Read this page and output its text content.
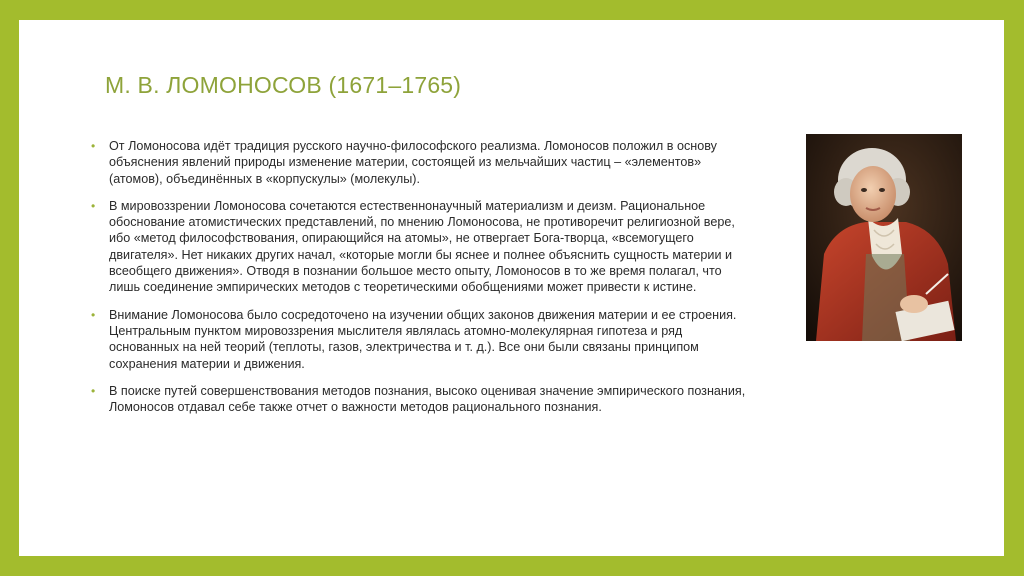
М. В. ЛОМОНОСОВ (1671–1765)
• От Ломоносова идёт традиция русского научно-философского реализма. Ломоносов положил в основу объяснения явлений природы изменение материи, состоящей из мельчайших частиц – «элементов» (атомов), объединённых в «корпускулы» (молекулы).
• В мировоззрении Ломоносова сочетаются естественнонаучный материализм и деизм. Рациональное обоснование атомистических представлений, по мнению Ломоносова, не противоречит религиозной вере, ибо «метод философствования, опирающийся на атомы», не отвергает Бога-творца, «всемогущего двигателя». Нет никаких других начал, «которые могли бы яснее и полнее объяснить сущность материи и всеобщего движения». Отводя в познании большое место опыту, Ломоносов в то же время полагал, что лишь соединение эмпирических методов с теоретическими обобщениями может привести к истине.
• Внимание Ломоносова было сосредоточено на изучении общих законов движения материи и ее строения. Центральным пунктом мировоззрения мыслителя являлась атомно-молекулярная гипотеза и ряд основанных на ней теорий (теплоты, газов, электричества и т. д.). Все они были связаны принципом сохранения материи и движения.
• В поиске путей совершенствования методов познания, высоко оценивая значение эмпирического познания, Ломоносов отдавал себе также отчет о важности методов рационального познания.
